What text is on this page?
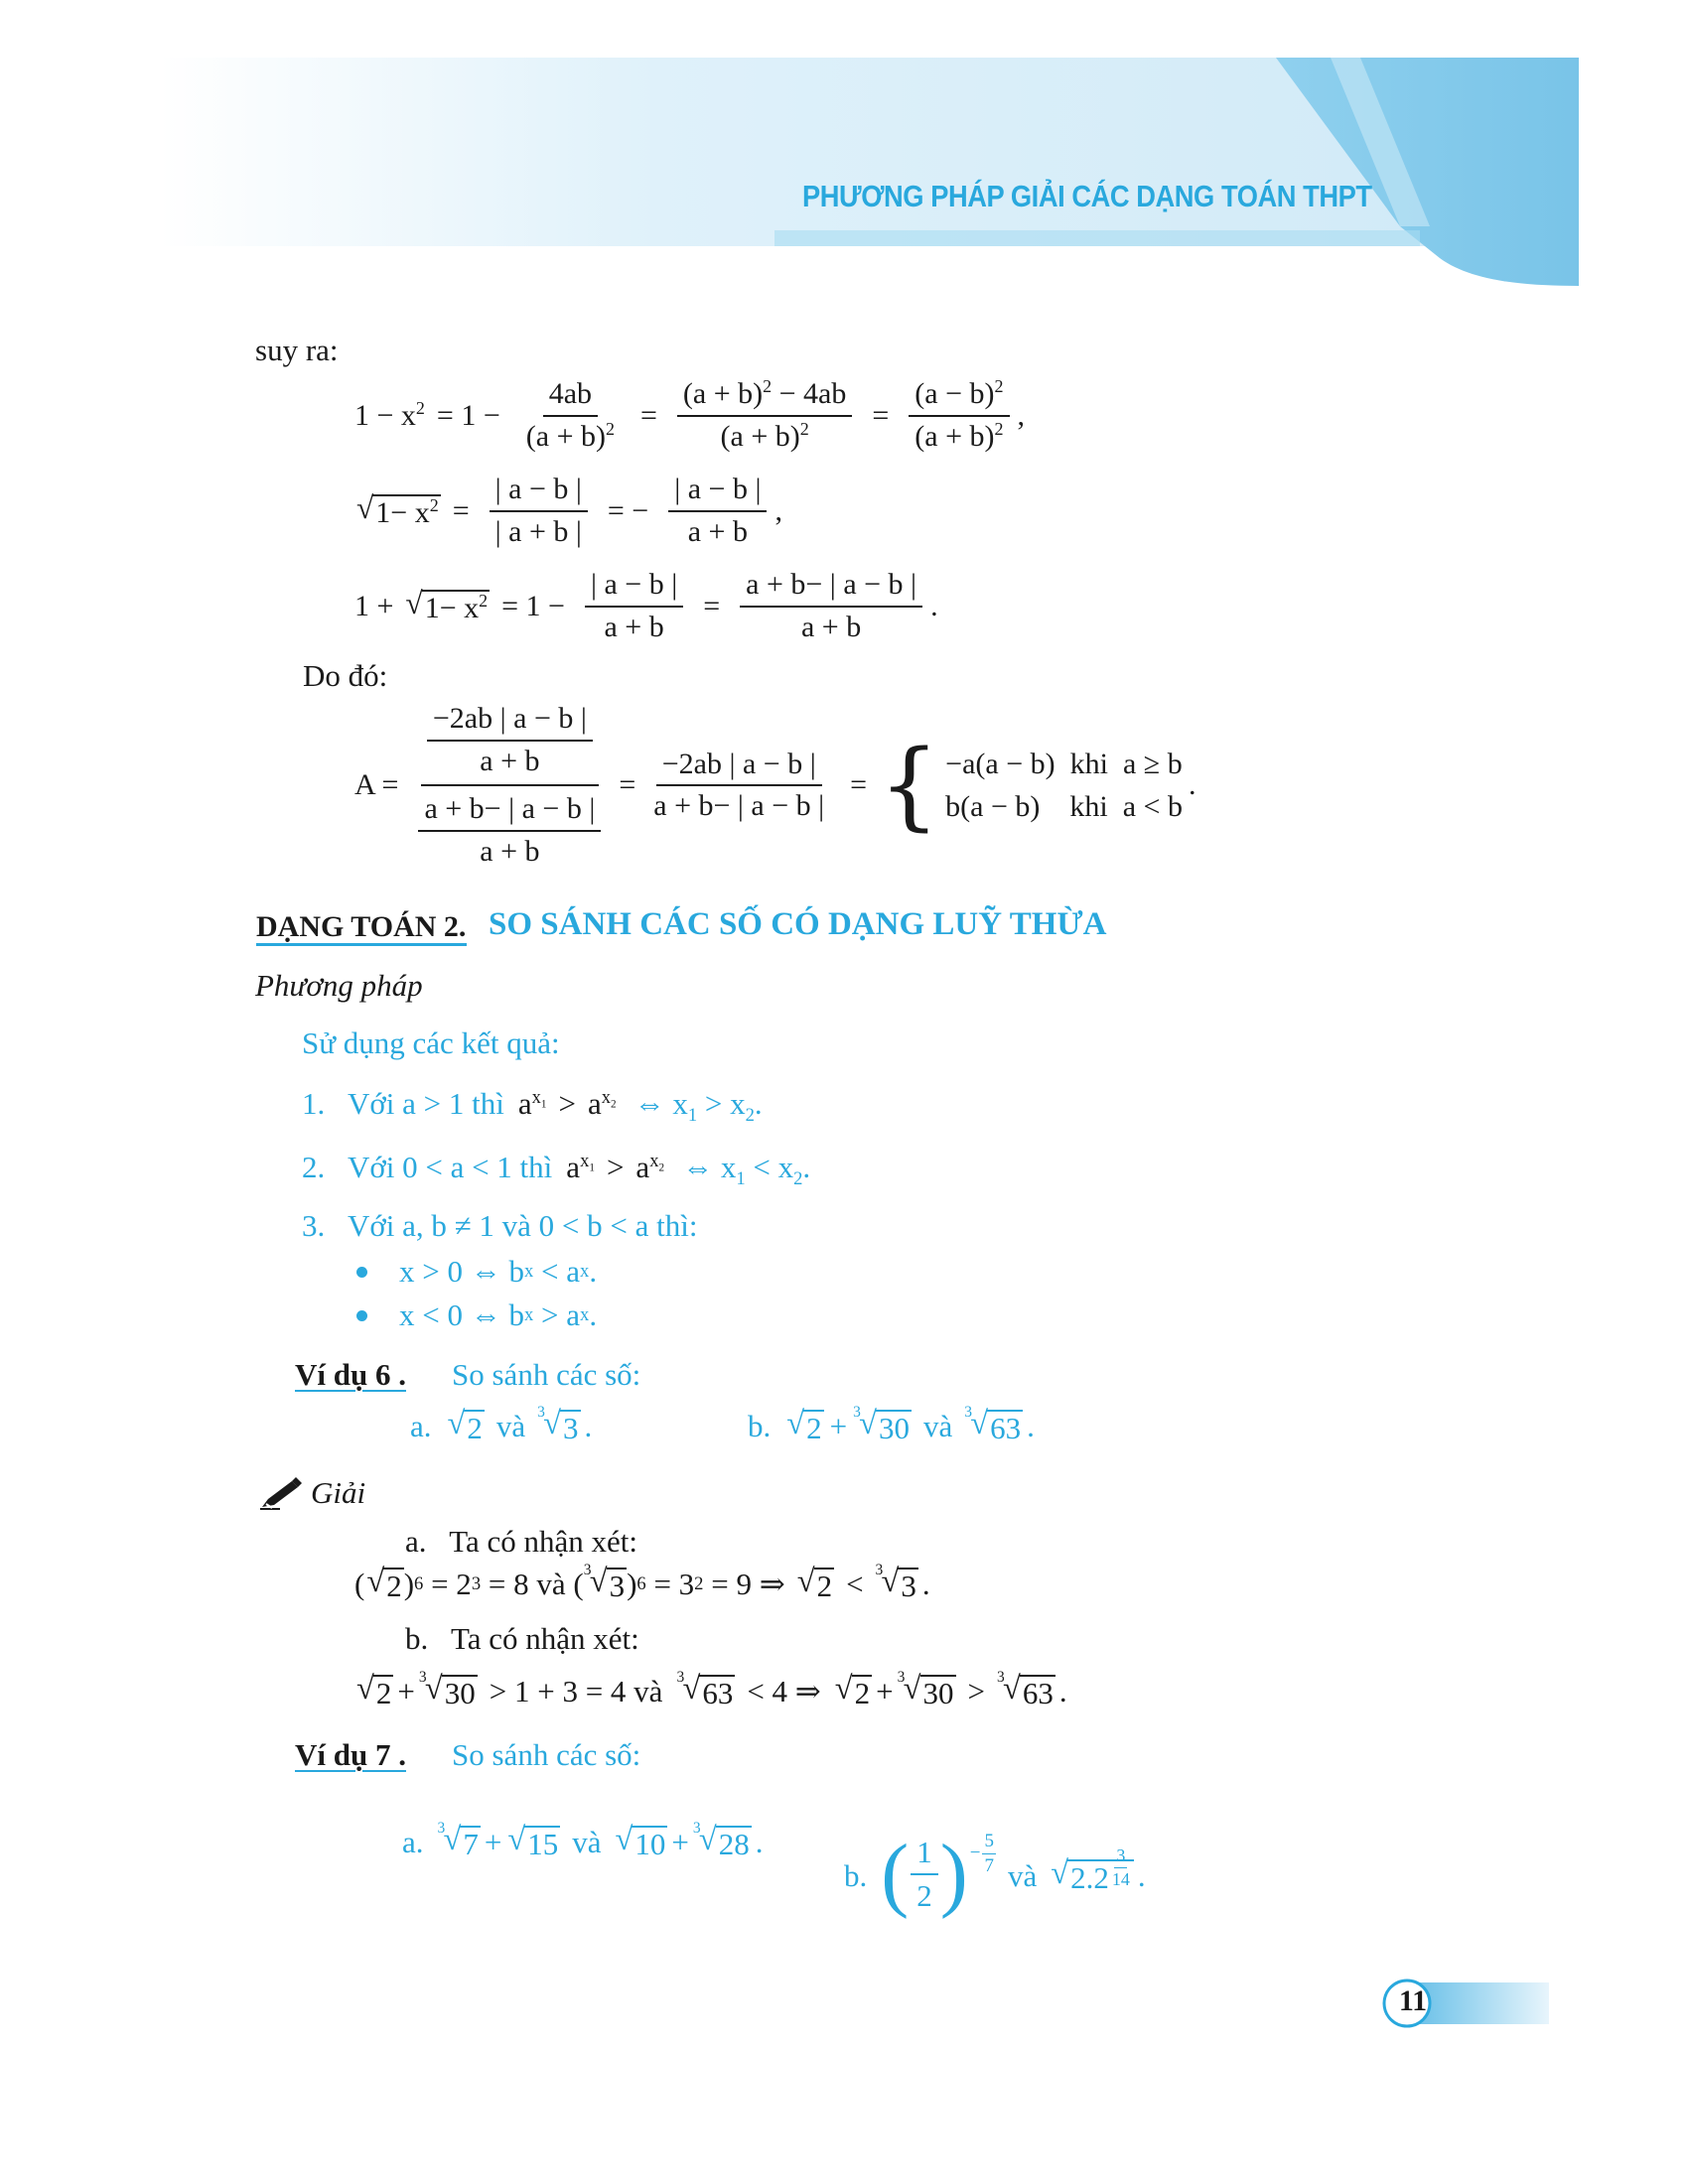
PHƯƠNG PHÁP GIẢI CÁC DẠNG TOÁN THPT
suy ra:
$1 - x^2 = 1 - \frac{4ab}{(a + b)^2} = \frac{(a + b)^2 - 4ab}{(a + b)^2} = \frac{(a - b)^2}{(a + b)^2}$ ,
√ $1- x^2 = \frac{| a - b |}{| a + b |}$ = − $\frac{| a - b |}{a + b}$ ,
1 + √ $1- x^2 = 1 - \frac{| a - b |}{a + b} = \frac{a + b- | a - b |}{a + b}$ .
Do đó:
$A = \frac{\frac{-2ab | a - b |}{a + b}}{\frac{a + b- | a - b |}{a + b}} = \frac{-2ab | a - b |}{a + b- | a - b |}$ = { −a(a − b)  khi  a ≥ b
b(a − b)    khi  a < b
.
DẠNG TOÁN 2. SO SÁNH CÁC SỐ CÓ DẠNG LUỸ THỪA
Phương pháp
Sử dụng các kết quả:
1.   Với a > 1 thì $a^{x_1} > a^{x_2}$ ⇔ $x_1 > x_2$.
2.   Với 0 < a < 1 thì $a^{x_1} > a^{x_2}$ ⇔ $x_1 < x_2$.
3.   Với a, b ≠ 1 và 0 < b < a thì:
x > 0 ⇔ b x < a x .
x < 0 ⇔ b x > a x .
Ví dụ 6 . So sánh các số:
a. √ 2 và 3
√ 3 .	b. √ 2 + 3
√ 30 và 3
√ 63 .
Giải
a.   Ta có nhận xét:
( √ 2 ) 6 = 2 3 = 8 và ( 3
√ 3 ) 6 = 3 2 = 9 ⇒ √ 2 < 3
√ 3 .
b.   Ta có nhận xét:
√ 2 + 3
√ 30 > 1 + 3 = 4 và 3
√ 63 < 4 ⇒ √ 2 + 3
√ 30 > 3
√ 63 .
Ví dụ 7 . So sánh các số:
a. 3
√ 7 + √ 15 và √ 10 + 3
√ 28 .
b. ( $\frac{1}{2}$ ) − $\frac{5}{7}$ và √ $2.2 \frac{3}{14}$ .
11
